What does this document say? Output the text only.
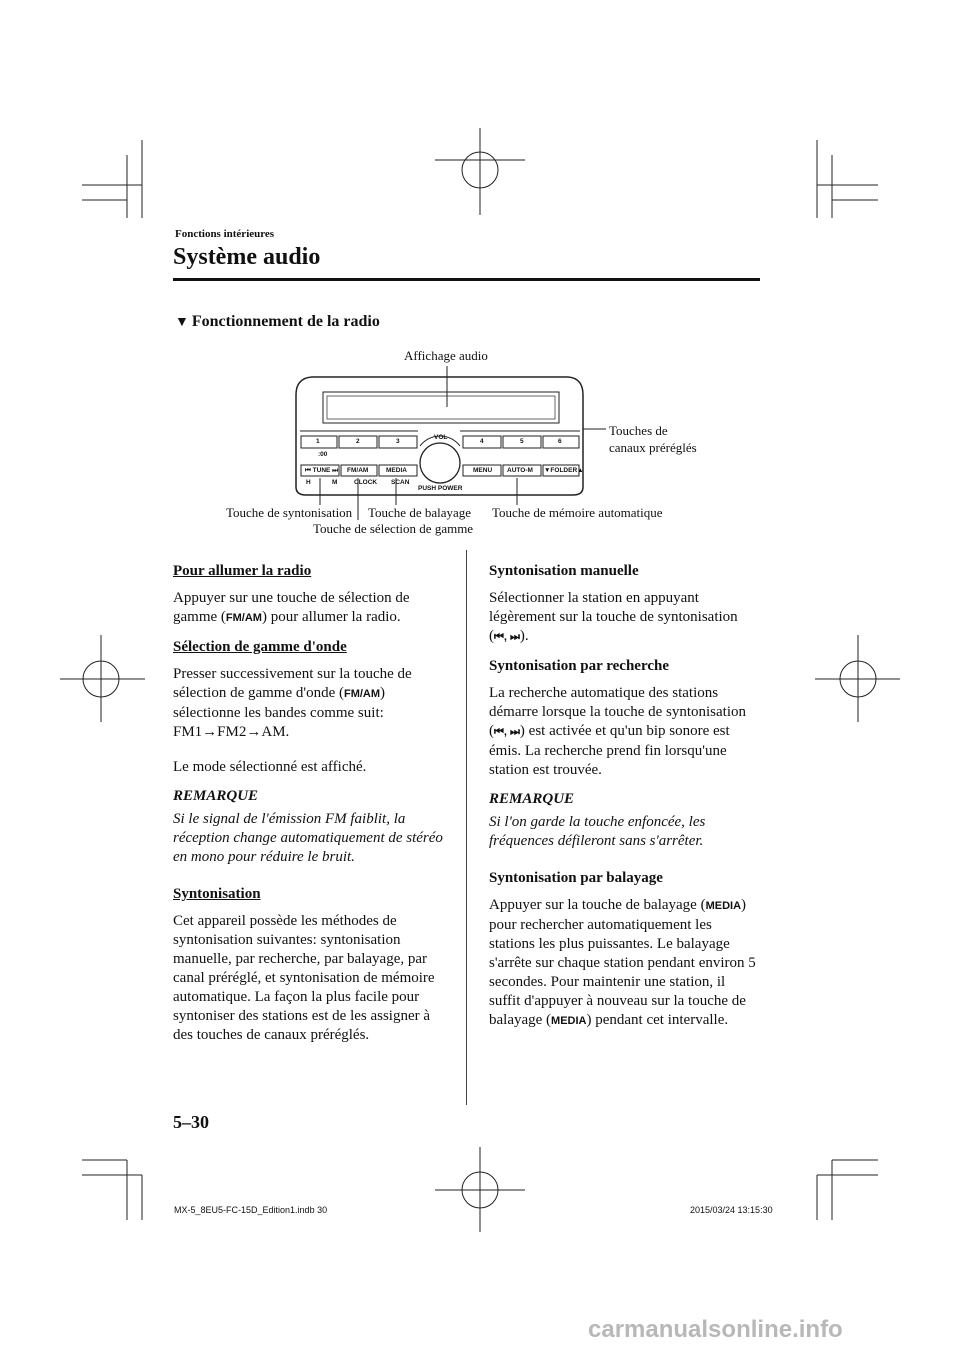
Fonctions intérieures
Système audio
▼ Fonctionnement de la radio
1	2	3	4	5	6
:00
VOL
⏮ TUNE ⏭ FM/AM	MEDIA	MENU AUTO-M ▼FOLDER▲
H	M	CLOCK SCAN
PUSH POWER
Affichage audio
Touches de
canaux préréglés
Touche de syntonisation Touche de balayage Touche de mémoire automatique
Touche de sélection de gamme
Pour allumer la radio

Appuyer sur une touche de sélection de gamme (FM/AM) pour allumer la radio.

Sélection de gamme d'onde

Presser successivement sur la touche de sélection de gamme d'onde (FM/AM) sélectionne les bandes comme suit: FM1→FM2→AM.

Le mode sélectionné est affiché.

REMARQUE

Si le signal de l'émission FM faiblit, la réception change automatiquement de stéréo en mono pour réduire le bruit.

Syntonisation

Cet appareil possède les méthodes de syntonisation suivantes: syntonisation manuelle, par recherche, par balayage, par canal préréglé, et syntonisation de mémoire automatique. La façon la plus facile pour syntoniser des stations est de les assigner à des touches de canaux préréglés.

Syntonisation manuelle

Sélectionner la station en appuyant légèrement sur la touche de syntonisation (⏮, ⏭).

Syntonisation par recherche

La recherche automatique des stations démarre lorsque la touche de syntonisation (⏮, ⏭) est activée et qu'un bip sonore est émis. La recherche prend fin lorsqu'une station est trouvée.

REMARQUE

Si l'on garde la touche enfoncée, les fréquences défileront sans s'arrêter.

Syntonisation par balayage

Appuyer sur la touche de balayage (MEDIA) pour rechercher automatiquement les stations les plus puissantes. Le balayage s'arrête sur chaque station pendant environ 5 secondes. Pour maintenir une station, il suffit d'appuyer à nouveau sur la touche de balayage (MEDIA) pendant cet intervalle.

5–30
MX-5_8EU5-FC-15D_Edition1.indb 30	2015/03/24 13:15:30
carmanualsonline.info
